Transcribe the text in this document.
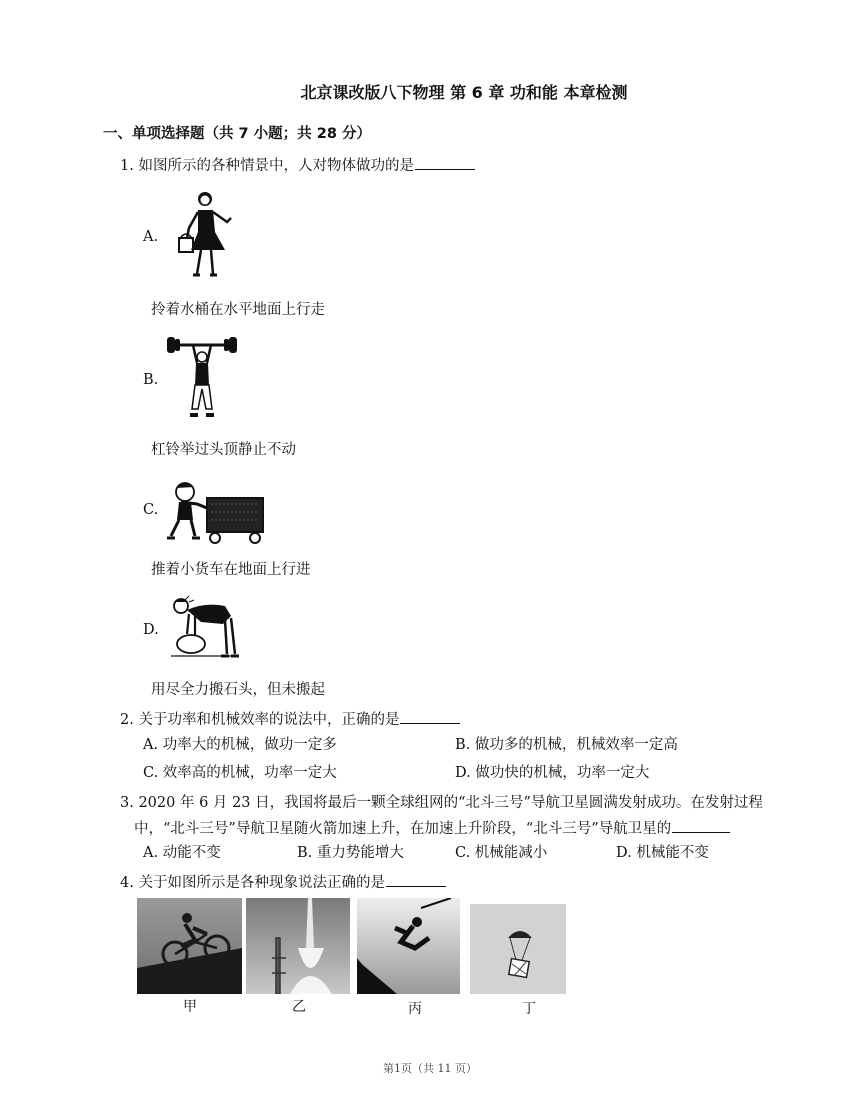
北京课改版八下物理 第 6 章 功和能 本章检测
一、单项选择题（共 7 小题；共 28 分）
1. 如图所示的各种情景中，人对物体做功的是
A.
拎着水桶在水平地面上行走
B.
杠铃举过头顶静止不动
C.
推着小货车在地面上行进
D.
用尽全力搬石头，但未搬起
2. 关于功率和机械效率的说法中，正确的是
A. 功率大的机械，做功一定多	B. 做功多的机械，机械效率一定高
C. 效率高的机械，功率一定大	D. 做功快的机械，功率一定大
3. 2020 年 6 月 23 日，我国将最后一颗全球组网的“北斗三号”导航卫星圆满发射成功。在发射过程
中，“北斗三号”导航卫星随火箭加速上升，在加速上升阶段，“北斗三号”导航卫星的
A. 动能不变	B. 重力势能增大	C. 机械能减小	D. 机械能不变
4. 关于如图所示是各种现象说法正确的是
甲	乙	丙	丁
第1页（共 11 页）
